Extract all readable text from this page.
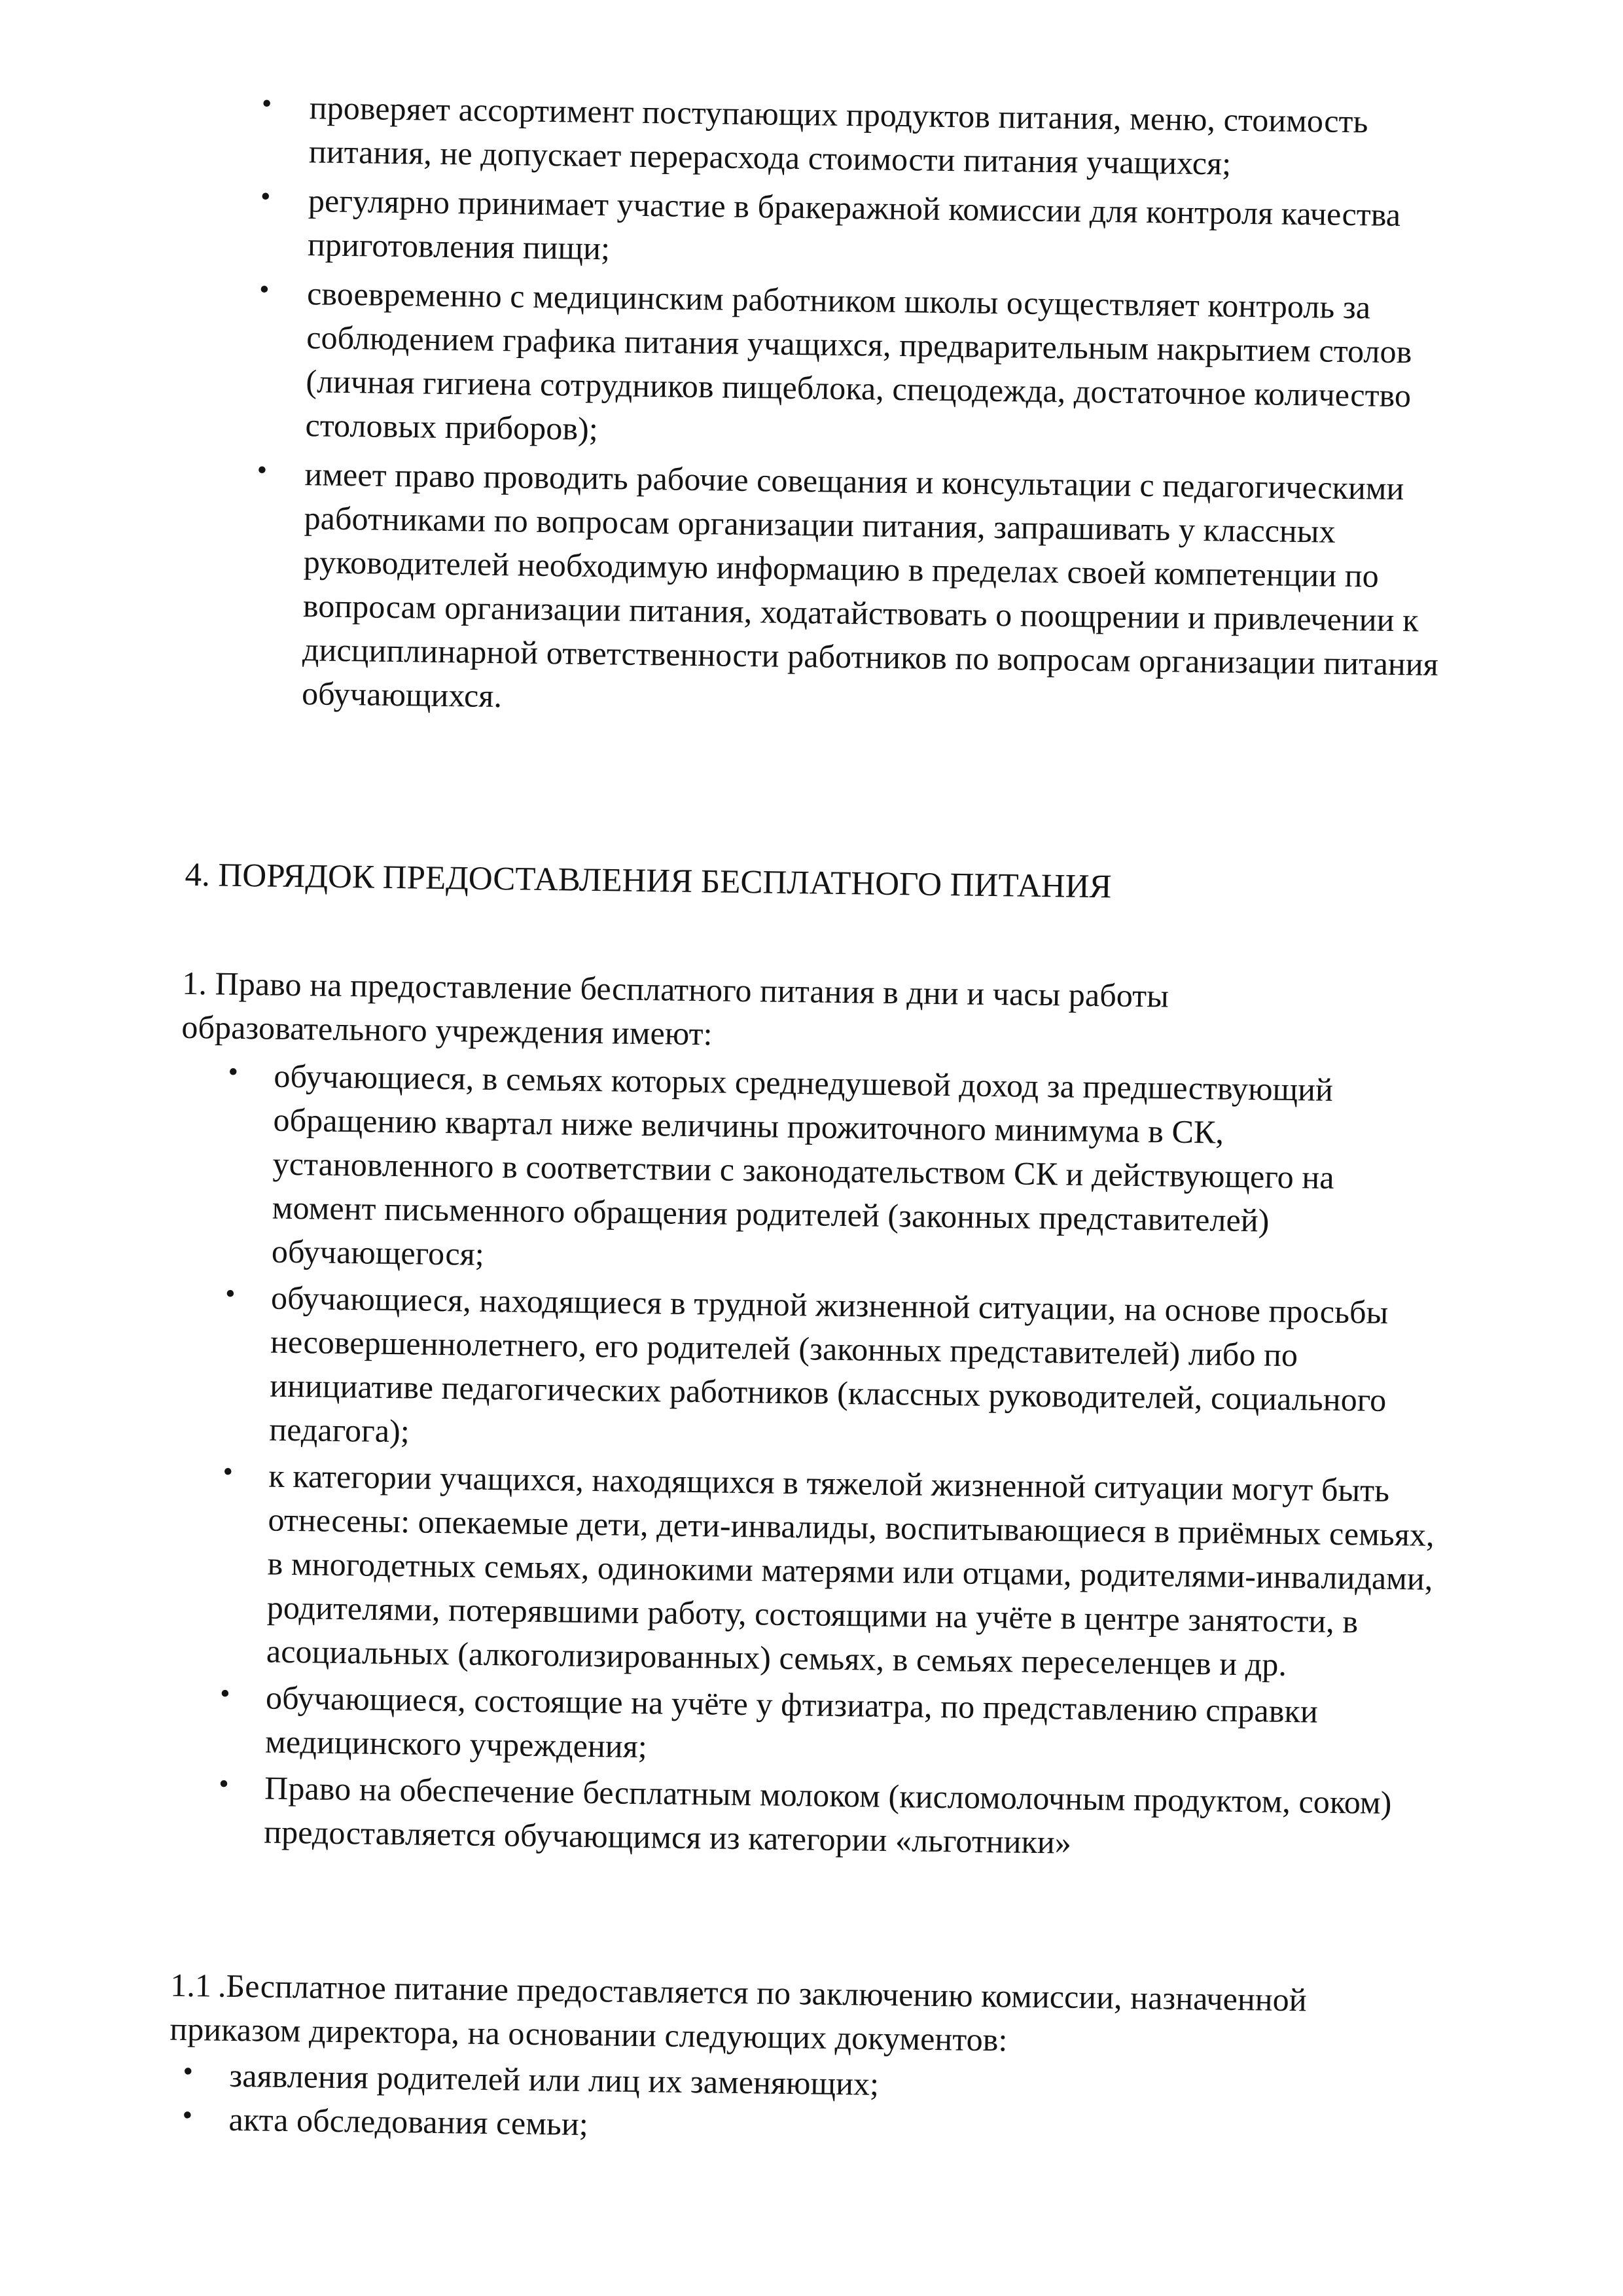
• проверяет ассортимент поступающих продуктов питания, меню, стоимость питания, не допускает перерасхода стоимости питания учащихся;
• регулярно принимает участие в бракеражной комиссии для контроля качества приготовления пищи;
• своевременно с медицинским работником школы осуществляет контроль за соблюдением графика питания учащихся, предварительным накрытием столов (личная гигиена сотрудников пищеблока, спецодежда, достаточное количество столовых приборов);
• имеет право проводить рабочие совещания и консультации с педагогическими работниками по вопросам организации питания, запрашивать у классных руководителей необходимую информацию в пределах своей компетенции по вопросам организации питания, ходатайствовать о поощрении и привлечении к дисциплинарной ответственности работников по вопросам организации питания обучающихся.
4. ПОРЯДОК ПРЕДОСТАВЛЕНИЯ БЕСПЛАТНОГО ПИТАНИЯ

1. Право на предоставление бесплатного питания в дни и часы работы образовательного учреждения имеют:

• обучающиеся, в семьях которых среднедушевой доход за предшествующий обращению квартал ниже величины прожиточного минимума в СК, установленного в соответствии с законодательством СК и действующего на момент письменного обращения родителей (законных представителей) обучающегося;
• обучающиеся, находящиеся в трудной жизненной ситуации, на основе просьбы несовершеннолетнего, его родителей (законных представителей) либо по инициативе педагогических работников (классных руководителей, социального педагога);
• к категории учащихся, находящихся в тяжелой жизненной ситуации могут быть отнесены: опекаемые дети, дети-инвалиды, воспитывающиеся в приёмных семьях, в многодетных семьях, одинокими матерями или отцами, родителями-инвалидами, родителями, потерявшими работу, состоящими на учёте в центре занятости, в асоциальных (алкоголизированных) семьях, в семьях переселенцев и др.
• обучающиеся, состоящие на учёте у фтизиатра, по представлению справки медицинского учреждения;
• Право на обеспечение бесплатным молоком (кисломолочным продуктом, соком) предоставляется обучающимся из категории «льготники»

1.1 .Бесплатное питание предоставляется по заключению комиссии, назначенной приказом директора, на основании следующих документов:

• заявления родителей или лиц их заменяющих;
• акта обследования семьи;
